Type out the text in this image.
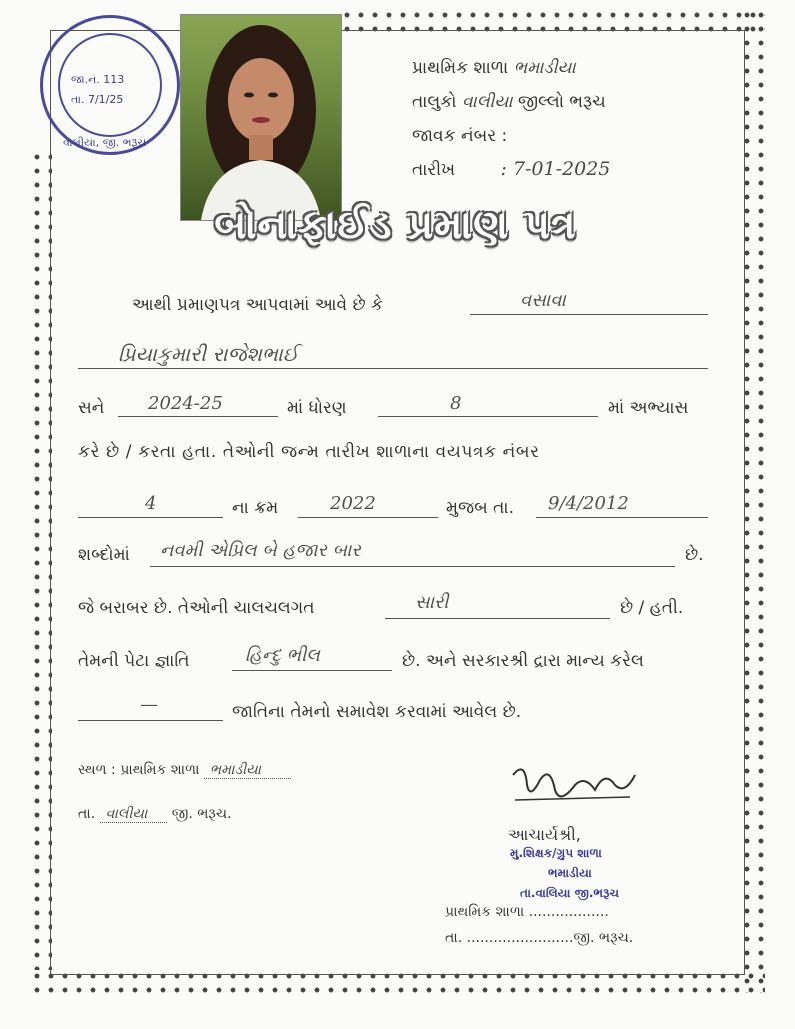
જા.નં. 113
તા. 7/1/25
વાલીયા, જી. ભરૂચ
પ્રાથમિક શાળા ભમાડીયા
તાલુકો વાલીયા જીલ્લો ભરૂચ
જાવક નંબર :
તારીખ : 7-01-2025
બોનાફાઈડ પ્રમાણ પત્ર
આથી પ્રમાણપત્ર આપવામાં આવે છે કે	વસાવા
પ્રિયાકુમારી રાજેશભાઈ
સને 2024-25	માં ધોરણ	8	માં અભ્યાસ
કરે છે / કરતા હતા. તેઓની જન્મ તારીખ શાળાના વયપત્રક નંબર
4	ના ક્રમ	2022	મુજબ તા. 9/4/2012
શબ્દોમાં નવમી એપ્રિલ બે હજાર બાર	છે.
જે બરાબર છે. તેઓની ચાલચલગત	સારી	છે / હતી.
તેમની પેટા જ્ઞાતિ	હિન્દુ ભીલ	છે. અને સરકારશ્રી દ્રારા માન્ય કરેલ
—	જાતિના તેમનો સમાવેશ કરવામાં આવેલ છે.
સ્થળ : પ્રાથમિક શાળા ભમાડીયા
તા. વાલીયા જી. ભરૂચ.
આચાર્યશ્રી,
મુ.શિક્ષક/ગ્રુપ શાળા
ભમાડીયા
તા.વાલિયા જી.ભરૂચ
પ્રાથમિક શાળા ..................
તા. ........................જી. ભરૂચ.
